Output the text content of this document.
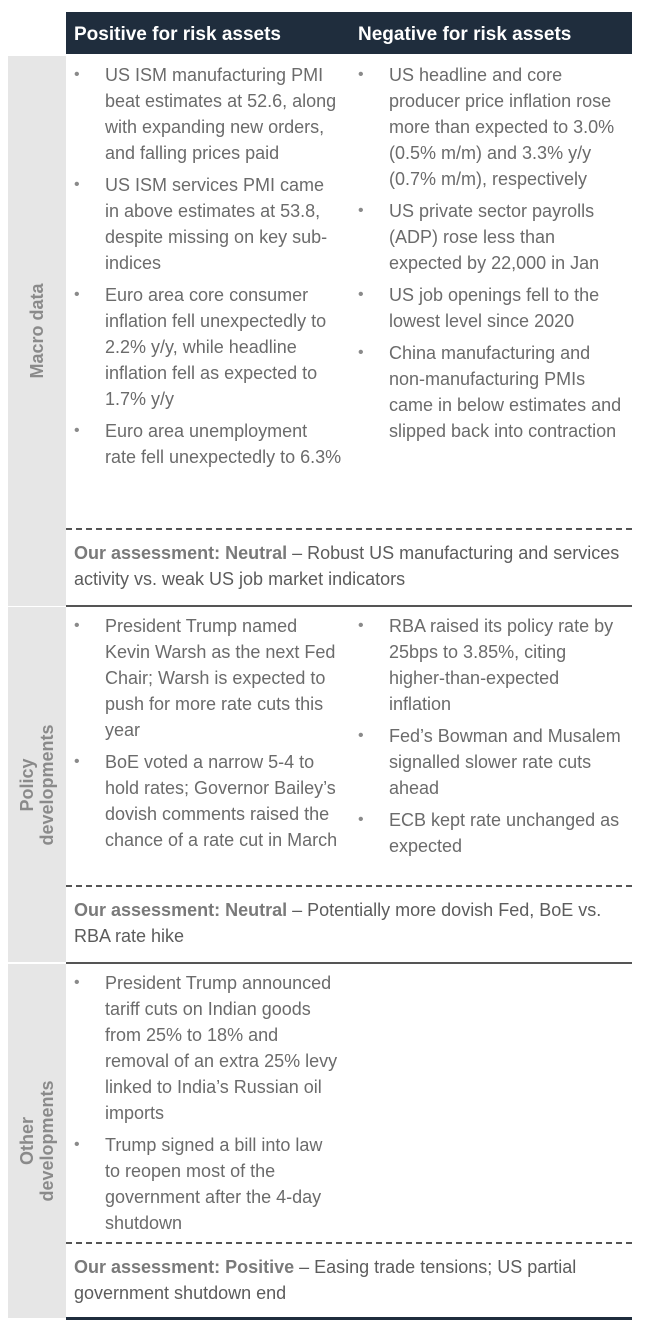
Positive for risk assets	Negative for risk assets
Macro data
• US ISM manufacturing PMI beat estimates at 52.6, along with expanding new orders, and falling prices paid
• US ISM services PMI came in above estimates at 53.8, despite missing on key sub-indices
• Euro area core consumer inflation fell unexpectedly to 2.2% y/y, while headline inflation fell as expected to 1.7% y/y
• Euro area unemployment rate fell unexpectedly to 6.3%
• US headline and core producer price inflation rose more than expected to 3.0% (0.5% m/m) and 3.3% y/y (0.7% m/m), respectively
• US private sector payrolls (ADP) rose less than expected by 22,000 in Jan
• US job openings fell to the lowest level since 2020
• China manufacturing and non-manufacturing PMIs came in below estimates and slipped back into contraction
Our assessment: Neutral – Robust US manufacturing and services activity vs. weak US job market indicators
Policy developments
• President Trump named Kevin Warsh as the next Fed Chair; Warsh is expected to push for more rate cuts this year
• BoE voted a narrow 5-4 to hold rates; Governor Bailey’s dovish comments raised the chance of a rate cut in March
• RBA raised its policy rate by 25bps to 3.85%, citing higher-than-expected inflation
• Fed’s Bowman and Musalem signalled slower rate cuts ahead
• ECB kept rate unchanged as expected
Our assessment: Neutral – Potentially more dovish Fed, BoE vs. RBA rate hike
Other developments
• President Trump announced tariff cuts on Indian goods from 25% to 18% and removal of an extra 25% levy linked to India’s Russian oil imports
• Trump signed a bill into law to reopen most of the government after the 4-day shutdown
Our assessment: Positive – Easing trade tensions; US partial government shutdown end
